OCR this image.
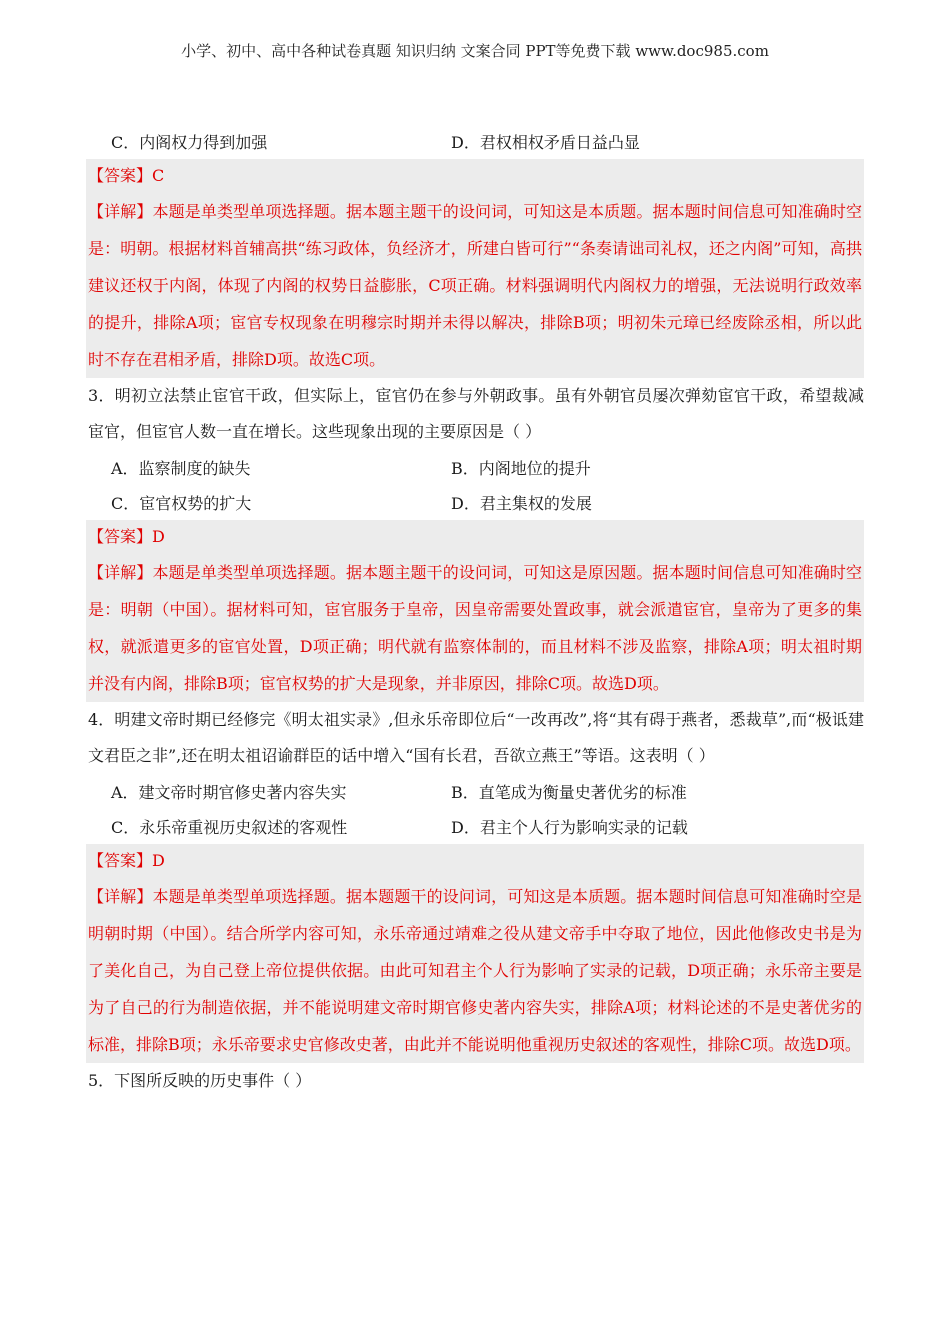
小学、初中、高中各种试卷真题 知识归纳 文案合同 PPT等免费下载 www.doc985.com
C．内阁权力得到加强	D．君权相权矛盾日益凸显
【答案】C
【详解】本题是单类型单项选择题。据本题主题干的设问词，可知这是本质题。据本题时间信息可知准确时空是：明朝。根据材料首辅高拱“练习政体，负经济才，所建白皆可行”“条奏请诎司礼权，还之内阁”可知，高拱建议还权于内阁，体现了内阁的权势日益膨胀，C项正确。材料强调明代内阁权力的增强，无法说明行政效率的提升，排除A项；宦官专权现象在明穆宗时期并未得以解决，排除B项；明初朱元璋已经废除丞相，所以此时不存在君相矛盾，排除D项。故选C项。
3．明初立法禁止宦官干政，但实际上，宦官仍在参与外朝政事。虽有外朝官员屡次弹劾宦官干政，希望裁减宦官，但宦官人数一直在增长。这些现象出现的主要原因是（ ）
A．监察制度的缺失	B．内阁地位的提升
C．宦官权势的扩大	D．君主集权的发展
【答案】D
【详解】本题是单类型单项选择题。据本题主题干的设问词，可知这是原因题。据本题时间信息可知准确时空是：明朝（中国）。据材料可知，宦官服务于皇帝，因皇帝需要处置政事，就会派遣宦官，皇帝为了更多的集权，就派遣更多的宦官处置，D项正确；明代就有监察体制的，而且材料不涉及监察，排除A项；明太祖时期并没有内阁，排除B项；宦官权势的扩大是现象，并非原因，排除C项。故选D项。
4．明建文帝时期已经修完《明太祖实录》,但永乐帝即位后“一改再改”,将“其有碍于燕者，悉裁草”,而“极诋建文君臣之非”,还在明太祖诏谕群臣的话中增入“国有长君，吾欲立燕王”等语。这表明（ ）
A．建文帝时期官修史著内容失实	B．直笔成为衡量史著优劣的标准
C．永乐帝重视历史叙述的客观性	D．君主个人行为影响实录的记载
【答案】D
【详解】本题是单类型单项选择题。据本题题干的设问词，可知这是本质题。据本题时间信息可知准确时空是明朝时期（中国）。结合所学内容可知，永乐帝通过靖难之役从建文帝手中夺取了地位，因此他修改史书是为了美化自己，为自己登上帝位提供依据。由此可知君主个人行为影响了实录的记载，D项正确；永乐帝主要是为了自己的行为制造依据，并不能说明建文帝时期官修史著内容失实，排除A项；材料论述的不是史著优劣的标准，排除B项；永乐帝要求史官修改史著，由此并不能说明他重视历史叙述的客观性，排除C项。故选D项。
5．下图所反映的历史事件（ ）
